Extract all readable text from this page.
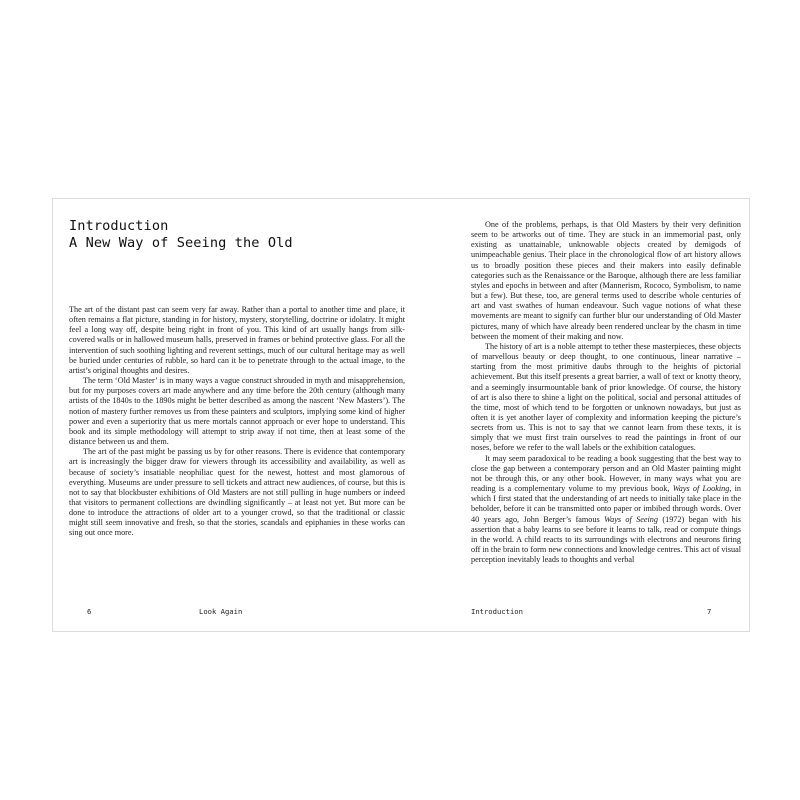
Introduction
A New Way of Seeing the Old

The art of the distant past can seem very far away. Rather than a portal to another time and place, it often remains a flat picture, standing in for history, mystery, storytelling, doctrine or idolatry. It might feel a long way off, despite being right in front of you. This kind of art usually hangs from silk-covered walls or in hallowed museum halls, preserved in frames or behind protective glass. For all the intervention of such soothing lighting and reverent settings, much of our cultural heritage may as well be buried under centuries of rubble, so hard can it be to penetrate through to the actual image, to the artist’s original thoughts and desires.

The term ‘Old Master’ is in many ways a vague construct shrouded in myth and misapprehension, but for my purposes covers art made anywhere and any time before the 20th century (although many artists of the 1840s to the 1890s might be better described as among the nascent ‘New Masters’). The notion of mastery further removes us from these painters and sculptors, implying some kind of higher power and even a superiority that us mere mortals cannot approach or ever hope to understand. This book and its simple methodology will attempt to strip away if not time, then at least some of the distance between us and them.

The art of the past might be passing us by for other reasons. There is evidence that contemporary art is increasingly the bigger draw for viewers through its accessibility and availability, as well as because of society’s insatiable neophiliac quest for the newest, hottest and most glamorous of everything. Museums are under pressure to sell tickets and attract new audiences, of course, but this is not to say that blockbuster exhibitions of Old Masters are not still pulling in huge numbers or indeed that visitors to permanent collections are dwindling significantly – at least not yet. But more can be done to introduce the attractions of older art to a younger crowd, so that the traditional or classic might still seem innovative and fresh, so that the stories, scandals and epiphanies in these works can sing out once more.

6	Look Again

One of the problems, perhaps, is that Old Masters by their very definition seem to be artworks out of time. They are stuck in an immemorial past, only existing as unattainable, unknowable objects created by demigods of unimpeachable genius. Their place in the chronological flow of art history allows us to broadly position these pieces and their makers into easily definable categories such as the Renaissance or the Baroque, although there are less familiar styles and epochs in between and after (Mannerism, Rococo, Symbolism, to name but a few). But these, too, are general terms used to describe whole centuries of art and vast swathes of human endeavour. Such vague notions of what these movements are meant to signify can further blur our understanding of Old Master pictures, many of which have already been rendered unclear by the chasm in time between the moment of their making and now.

The history of art is a noble attempt to tether these masterpieces, these objects of marvellous beauty or deep thought, to one continuous, linear narrative – starting from the most primitive daubs through to the heights of pictorial achievement. But this itself presents a great barrier, a wall of text or knotty theory, and a seemingly insurmountable bank of prior knowledge. Of course, the history of art is also there to shine a light on the political, social and personal attitudes of the time, most of which tend to be forgotten or unknown nowadays, but just as often it is yet another layer of complexity and information keeping the picture’s secrets from us. This is not to say that we cannot learn from these texts, it is simply that we must first train ourselves to read the paintings in front of our noses, before we refer to the wall labels or the exhibition catalogues.

It may seem paradoxical to be reading a book suggesting that the best way to close the gap between a contemporary person and an Old Master painting might not be through this, or any other book. However, in many ways what you are reading is a complementary volume to my previous book, Ways of Looking, in which I first stated that the understanding of art needs to initially take place in the beholder, before it can be transmitted onto paper or imbibed through words. Over 40 years ago, John Berger’s famous Ways of Seeing (1972) began with his assertion that a baby learns to see before it learns to talk, read or compute things in the world. A child reacts to its surroundings with electrons and neurons firing off in the brain to form new connections and knowledge centres. This act of visual perception inevitably leads to thoughts and verbal

Introduction	7
